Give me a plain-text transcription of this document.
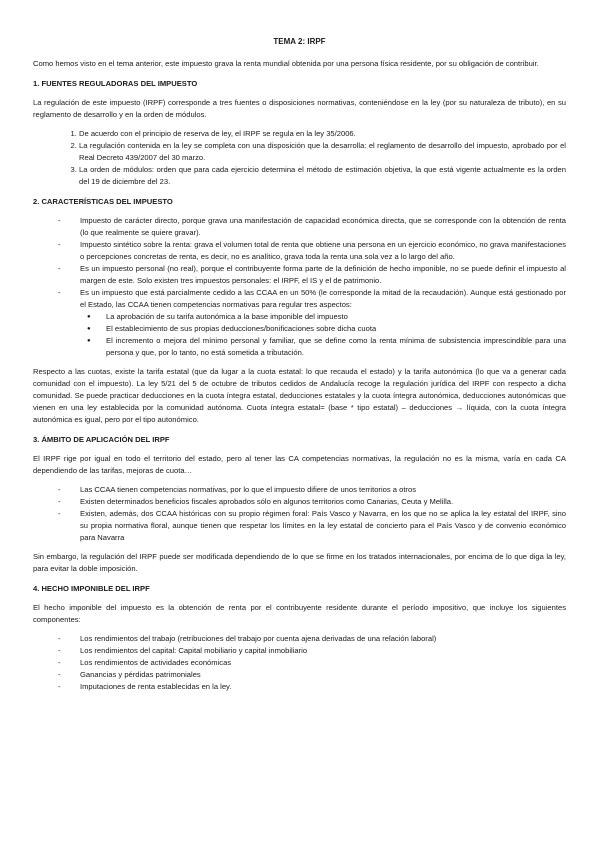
TEMA 2: IRPF

Como hemos visto en el tema anterior, este impuesto grava la renta mundial obtenida por una persona física residente, por su obligación de contribuir.

1. FUENTES REGULADORAS DEL IMPUESTO

La regulación de este impuesto (IRPF) corresponde a tres fuentes o disposiciones normativas, conteniéndose en la ley (por su naturaleza de tributo), en su reglamento de desarrollo y en la orden de módulos.

1. De acuerdo con el principio de reserva de ley, el IRPF se regula en la ley 35/2006.
2. La regulación contenida en la ley se completa con una disposición que la desarrolla: el reglamento de desarrollo del impuesto, aprobado por el Real Decreto 439/2007 del 30 marzo.
3. La orden de módulos: orden que para cada ejercicio determina el método de estimación objetiva, la que está vigente actualmente es la orden del 19 de diciembre del 23.
2. CARACTERÍSTICAS DEL IMPUESTO
- Impuesto de carácter directo, porque grava una manifestación de capacidad económica directa, que se corresponde con la obtención de renta (lo que realmente se quiere gravar).
- Impuesto sintético sobre la renta: grava el volumen total de renta que obtiene una persona en un ejercicio económico, no grava manifestaciones o percepciones concretas de renta, es decir, no es analítico, grava toda la renta una sola vez a lo largo del año.
- Es un impuesto personal (no real), porque el contribuyente forma parte de la definición de hecho imponible, no se puede definir el impuesto al margen de este. Solo existen tres impuestos personales: el IRPF, el IS y el de patrimonio.
- Es un impuesto que está parcialmente cedido a las CCAA en un 50% (le corresponde la mitad de la recaudación). Aunque está gestionado por el Estado, las CCAA tienen competencias normativas para regular tres aspectos:
● La aprobación de su tarifa autonómica a la base imponible del impuesto
● El establecimiento de sus propias deducciones/bonificaciones sobre dicha cuota
● El incremento o mejora del mínimo personal y familiar, que se define como la renta mínima de subsistencia imprescindible para una persona y que, por lo tanto, no está sometida a tributación.

Respecto a las cuotas, existe la tarifa estatal (que da lugar a la cuota estatal: lo que recauda el estado) y la tarifa autonómica (lo que va a generar cada comunidad con el impuesto). La ley 5/21 del 5 de octubre de tributos cedidos de Andalucía recoge la regulación jurídica del IRPF con respecto a dicha comunidad. Se puede practicar deducciones en la cuota íntegra estatal, deducciones estatales y la cuota íntegra autonómica, deducciones autonómicas que vienen en una ley establecida por la comunidad autónoma. Cuota íntegra estatal= (base * tipo estatal) – deducciones → líquida, con la cuota íntegra autonómica es igual, pero por el tipo autonómico.

3. ÁMBITO DE APLICACIÓN DEL IRPF

El IRPF rige por igual en todo el territorio del estado, pero al tener las CA competencias normativas, la regulación no es la misma, varía en cada CA dependiendo de las tarifas, mejoras de cuota…

- Las CCAA tienen competencias normativas, por lo que el impuesto difiere de unos territorios a otros
- Existen determinados beneficios fiscales aprobados sólo en algunos territorios como Canarias, Ceuta y Melilla.
- Existen, además, dos CCAA históricas con su propio régimen foral: País Vasco y Navarra, en los que no se aplica la ley estatal del IRPF, sino su propia normativa floral, aunque tienen que respetar los límites en la ley estatal de concierto para el País Vasco y de convenio económico para Navarra

Sin embargo, la regulación del IRPF puede ser modificada dependiendo de lo que se firme en los tratados internacionales, por encima de lo que diga la ley, para evitar la doble imposición.

4. HECHO IMPONIBLE DEL IRPF

El hecho imponible del impuesto es la obtención de renta por el contribuyente residente durante el período impositivo, que incluye los siguientes componentes:

- Los rendimientos del trabajo (retribuciones del trabajo por cuenta ajena derivadas de una relación laboral)
- Los rendimientos del capital: Capital mobiliario y capital inmobiliario
- Los rendimientos de actividades económicas
- Ganancias y pérdidas patrimoniales
- Imputaciones de renta establecidas en la ley.
